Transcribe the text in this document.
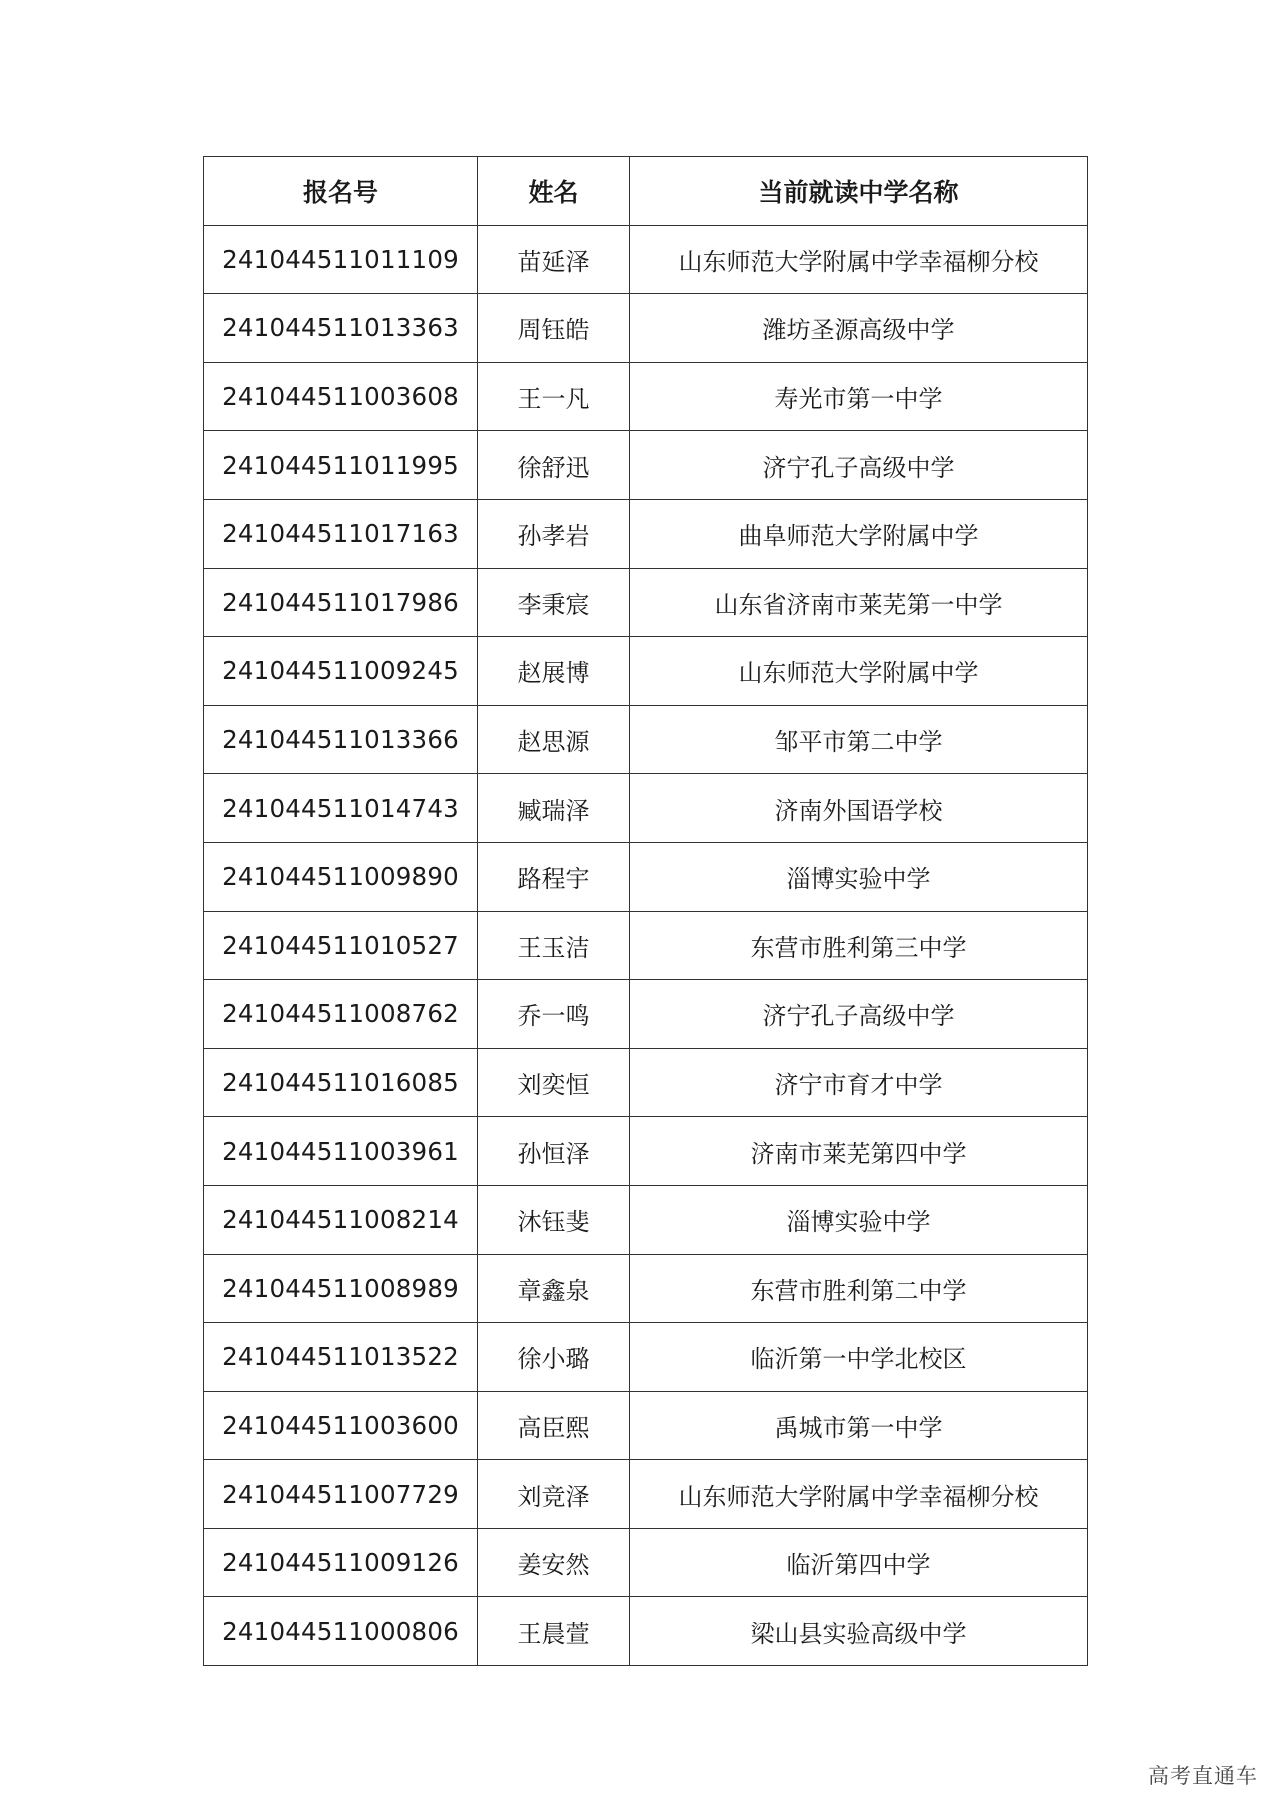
报名号	姓名	当前就读中学名称
241044511011109	苗延泽	山东师范大学附属中学幸福柳分校
241044511013363	周钰皓	潍坊圣源高级中学
241044511003608	王一凡	寿光市第一中学
241044511011995	徐舒迅	济宁孔子高级中学
241044511017163	孙孝岩	曲阜师范大学附属中学
241044511017986	李秉宸	山东省济南市莱芜第一中学
241044511009245	赵展博	山东师范大学附属中学
241044511013366	赵思源	邹平市第二中学
241044511014743	臧瑞泽	济南外国语学校
241044511009890	路程宇	淄博实验中学
241044511010527	王玉洁	东营市胜利第三中学
241044511008762	乔一鸣	济宁孔子高级中学
241044511016085	刘奕恒	济宁市育才中学
241044511003961	孙恒泽	济南市莱芜第四中学
241044511008214	沐钰斐	淄博实验中学
241044511008989	章鑫泉	东营市胜利第二中学
241044511013522	徐小璐	临沂第一中学北校区
241044511003600	高臣熙	禹城市第一中学
241044511007729	刘竞泽	山东师范大学附属中学幸福柳分校
241044511009126	姜安然	临沂第四中学
241044511000806	王晨萱	梁山县实验高级中学
高考直通车
